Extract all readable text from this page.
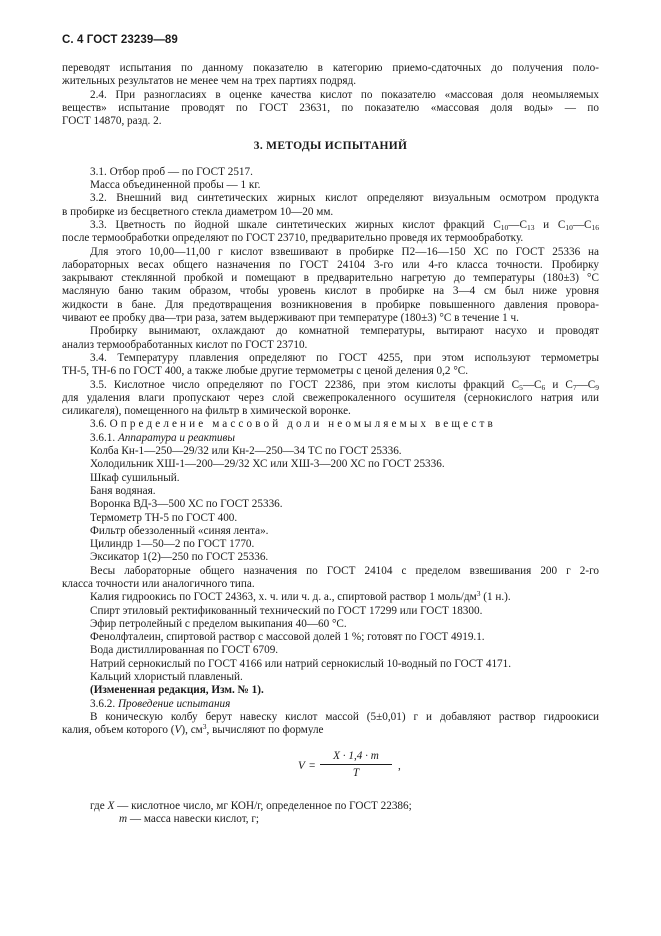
С. 4 ГОСТ 23239—89

переводят испытания по данному показателю в категорию приемо-сдаточных до получения поло-

жительных результатов не менее чем на трех партиях подряд.

2.4. При разногласиях в оценке качества кислот по показателю «массовая доля неомыляемых

веществ» испытание проводят по ГОСТ 23631, по показателю «массовая доля воды» — по

ГОСТ 14870, разд. 2.

3. МЕТОДЫ ИСПЫТАНИЙ

3.1. Отбор проб — по ГОСТ 2517.

Масса объединенной пробы — 1 кг.

3.2. Внешний вид синтетических жирных кислот определяют визуальным осмотром продукта

в пробирке из бесцветного стекла диаметром 10—20 мм.

3.3. Цветность по йодной шкале синтетических жирных кислот фракций $С_{10}—С_{13}$ и $С_{10}—С_{16}$

после термообработки определяют по ГОСТ 23710, предварительно проведя их термообработку.

Для этого 10,00—11,00 г кислот взвешивают в пробирке П2—16—150 ХС по ГОСТ 25336 на

лабораторных весах общего назначения по ГОСТ 24104 3-го или 4-го класса точности. Пробирку

закрывают стеклянной пробкой и помещают в предварительно нагретую до температуры (180±3) °С

масляную баню таким образом, чтобы уровень кислот в пробирке на 3—4 см был ниже уровня

жидкости в бане. Для предотвращения возникновения в пробирке повышенного давления проворa-

чивают ее пробку два—три раза, затем выдерживают при температуре (180±3) °С в течение 1 ч.

Пробирку вынимают, охлаждают до комнатной температуры, вытирают насухо и проводят

анализ термообработанных кислот по ГОСТ 23710.

3.4. Температуру плавления определяют по ГОСТ 4255, при этом используют термометры

ТН-5, ТН-6 по ГОСТ 400, а также любые другие термометры с ценой деления 0,2 °С.

3.5. Кислотное число определяют по ГОСТ 22386, при этом кислоты фракций $С_5—С_6$ и $С_7—С_9$

для удаления влаги пропускают через слой свежепрокаленного осушителя (сернокислого натрия или

силикагеля), помещенного на фильтр в химической воронке.

3.6. Определение массовой доли неомыляемых веществ

3.6.1. Аппаратура и реактивы

Колба Кн-1—250—29/32 или Кн-2—250—34 ТС по ГОСТ 25336.

Холодильник ХШ-1—200—29/32 ХС или ХШ-3—200 ХС по ГОСТ 25336.

Шкаф сушильный.

Баня водяная.

Воронка ВД-3—500 ХС по ГОСТ 25336.

Термометр ТН-5 по ГОСТ 400.

Фильтр обеззоленный «синяя лента».

Цилиндр 1—50—2 по ГОСТ 1770.

Эксикатор 1(2)—250 по ГОСТ 25336.

Весы лабораторные общего назначения по ГОСТ 24104 с пределом взвешивания 200 г 2-го

класса точности или аналогичного типа.

Калия гидроокись по ГОСТ 24363, х. ч. или ч. д. а., спиртовой раствор 1 моль/$дм^3$ (1 н.).

Спирт этиловый ректификованный технический по ГОСТ 17299 или ГОСТ 18300.

Эфир петролейный с пределом выкипания 40—60 °С.

Фенолфталеин, спиртовой раствор с массовой долей 1 %; готовят по ГОСТ 4919.1.

Вода дистиллированная по ГОСТ 6709.

Натрий сернокислый по ГОСТ 4166 или натрий сернокислый 10-водный по ГОСТ 4171.

Кальций хлористый плавленый.

(Измененная редакция, Изм. № 1).

3.6.2. Проведение испытания

В коническую колбу берут навеску кислот массой (5±0,01) г и добавляют раствор гидроокиси

калия, объем которого (V), $см^3$, вычисляют по формуле

$V = \frac{X \cdot 1,4 \cdot m}{T}$ ,

где X — кислотное число, мг КОН/г, определенное по ГОСТ 22386;

m — масса навески кислот, г;
